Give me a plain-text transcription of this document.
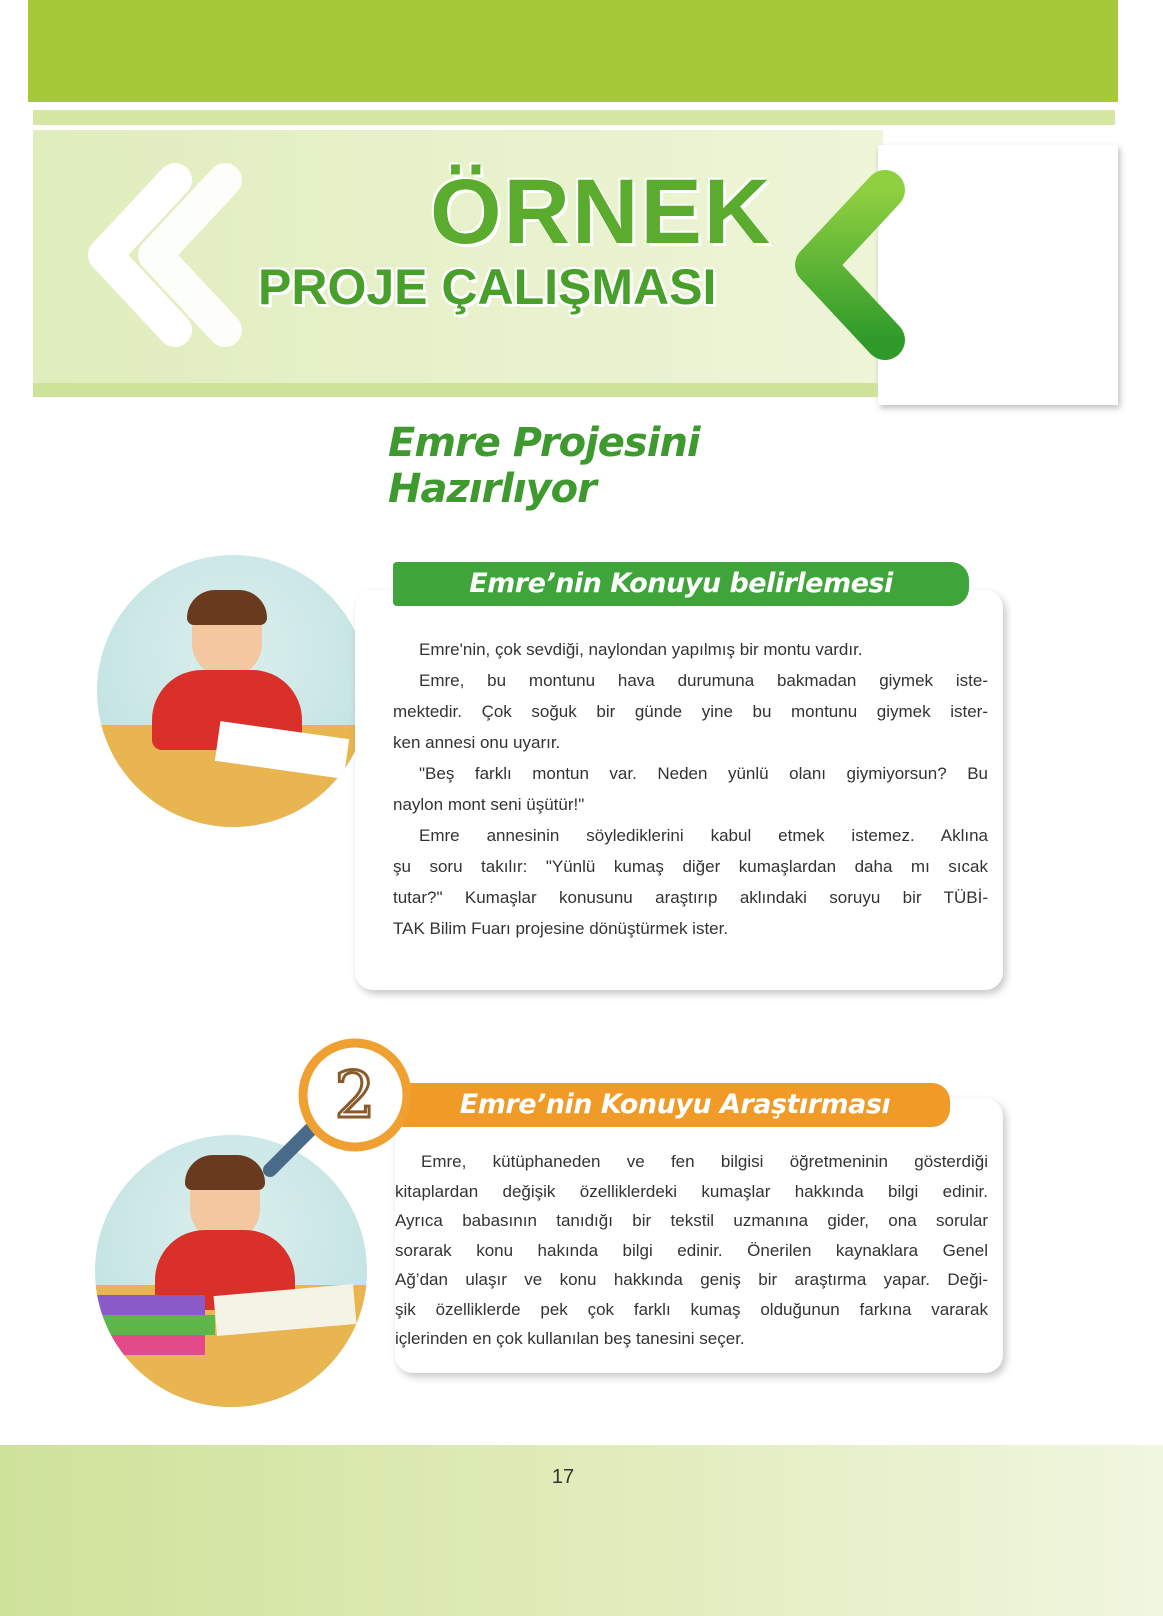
ÖRNEK
PROJE ÇALIŞMASI
Emre Projesini
Hazırlıyor
Emre’nin Konuyu belirlemesi

Emre'nin, çok sevdiği, naylondan yapılmış bir montu vardır.

Emre, bu montunu hava durumuna bakmadan giymek iste-

mektedir. Çok soğuk bir günde yine bu montunu giymek ister-

ken annesi onu uyarır.

"Beş farklı montun var. Neden yünlü olanı giymiyorsun? Bu

naylon mont seni üşütür!"

Emre annesinin söylediklerini kabul etmek istemez. Aklına

şu soru takılır: "Yünlü kumaş diğer kumaşlardan daha mı sıcak

tutar?" Kumaşlar konusunu araştırıp aklındaki soruyu bir TÜBİ-

TAK Bilim Fuarı projesine dönüştürmek ister.

Emre’nin Konuyu Araştırması
2

Emre, kütüphaneden ve fen bilgisi öğretmeninin gösterdiği

kitaplardan değişik özelliklerdeki kumaşlar hakkında bilgi edinir.

Ayrıca babasının tanıdığı bir tekstil uzmanına gider, ona sorular

sorarak konu hakında bilgi edinir. Önerilen kaynaklara Genel

Ağ’dan ulaşır ve konu hakkında geniş bir araştırma yapar. Deği-

şik özelliklerde pek çok farklı kumaş olduğunun farkına vararak

içlerinden en çok kullanılan beş tanesini seçer.

17
